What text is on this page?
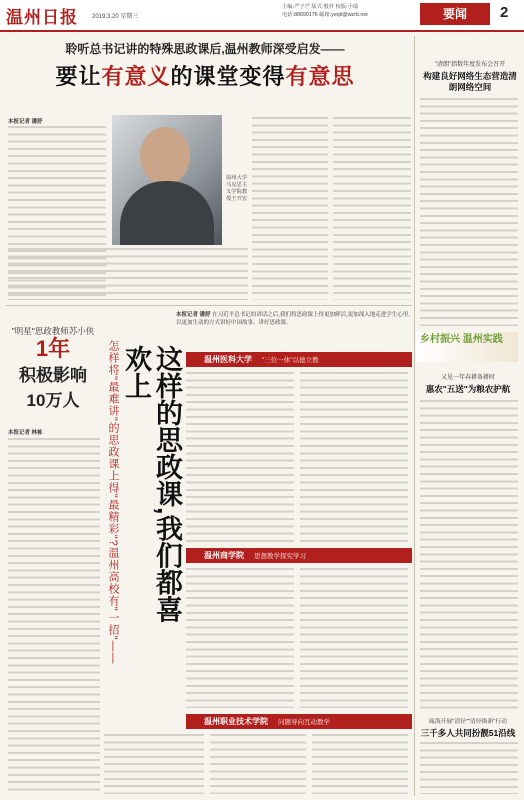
温州日报 2019.3.20 星期三
主编:严子芒 版式:殷祥 校版:小瑞
电话:88690176 邮箱:yeqit@wzrb.net	要闻	2
聆听总书记讲的特殊思政课后,温州教师深受启发——
要让有意义的课堂变得有意思
本报记者 潘舒
温州大学马克思主义学院教授王开宏
"明星"思政教师苏小侠
1年
积极影响
10万人
本报记者 林栋
本报记者 潘舒 在习近平总书记的讲话之后,我们将思政课上得更加鲜活,更加深入地走进学生心里,以更加生动的方式讲好中国故事、讲好思政课。
怎样将"最难讲"的思政课上得"最精彩"?温州高校有"一招"——	这样的思政课,我们都喜欢上	温州医科大学 "三位一体"以德立教
温州商学院 思想教学探究学习
温州职业技术学院 问题导向互动教学
"清朗"指数年度发布会召开
构建良好网络生态营造清朗网络空间
乡村振兴 温州实践
又见一年春耕备耕时
惠农"五送"为粮农护航
瓯海开展"清径""清径焕新"行动
三千多人共同扮靓51沿线
